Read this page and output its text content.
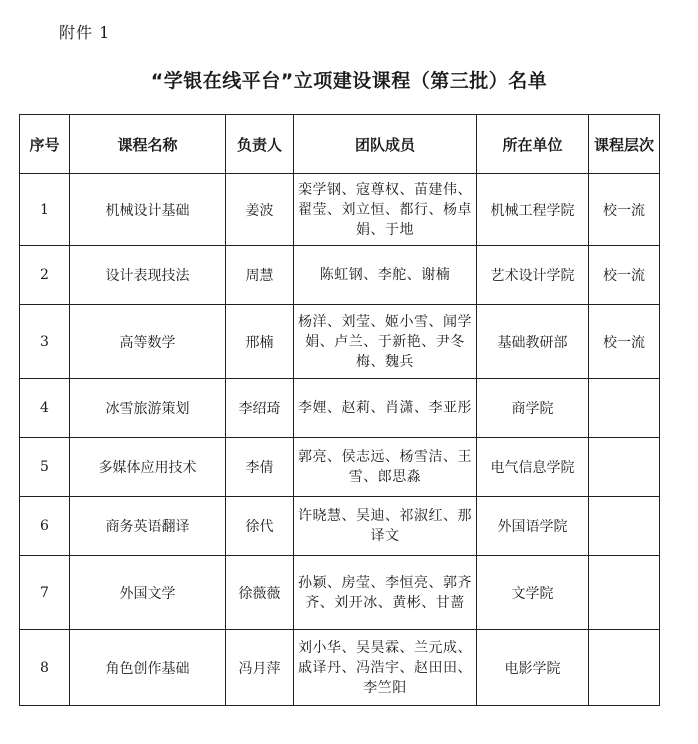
附件 1
“学银在线平台”立项建设课程（第三批）名单
序号	课程名称	负责人	团队成员	所在单位	课程层次
1	机械设计基础	姜波	栾学钢、寇尊权、苗建伟、翟莹、刘立恒、都行、杨卓娟、于地	机械工程学院	校一流
2	设计表现技法	周慧	陈虹钢、李舵、谢楠	艺术设计学院	校一流
3	高等数学	邢楠	杨洋、刘莹、姬小雪、闻学娟、卢兰、于新艳、尹冬梅、魏兵	基础教研部	校一流
4	冰雪旅游策划	李绍琦	李娌、赵莉、肖潇、李亚彤	商学院	
5	多媒体应用技术	李倩	郭亮、侯志远、杨雪洁、王雪、郎思淼	电气信息学院	
6	商务英语翻译	徐代	许晓慧、吴迪、祁淑红、那译文	外国语学院	
7	外国文学	徐薇薇	孙颖、房莹、李恒亮、郭齐齐、刘开冰、黄彬、甘蔷	文学院	
8	角色创作基础	冯月萍	刘小华、吴昊霖、兰元成、戚译丹、冯浩宇、赵田田、李竺阳	电影学院	
